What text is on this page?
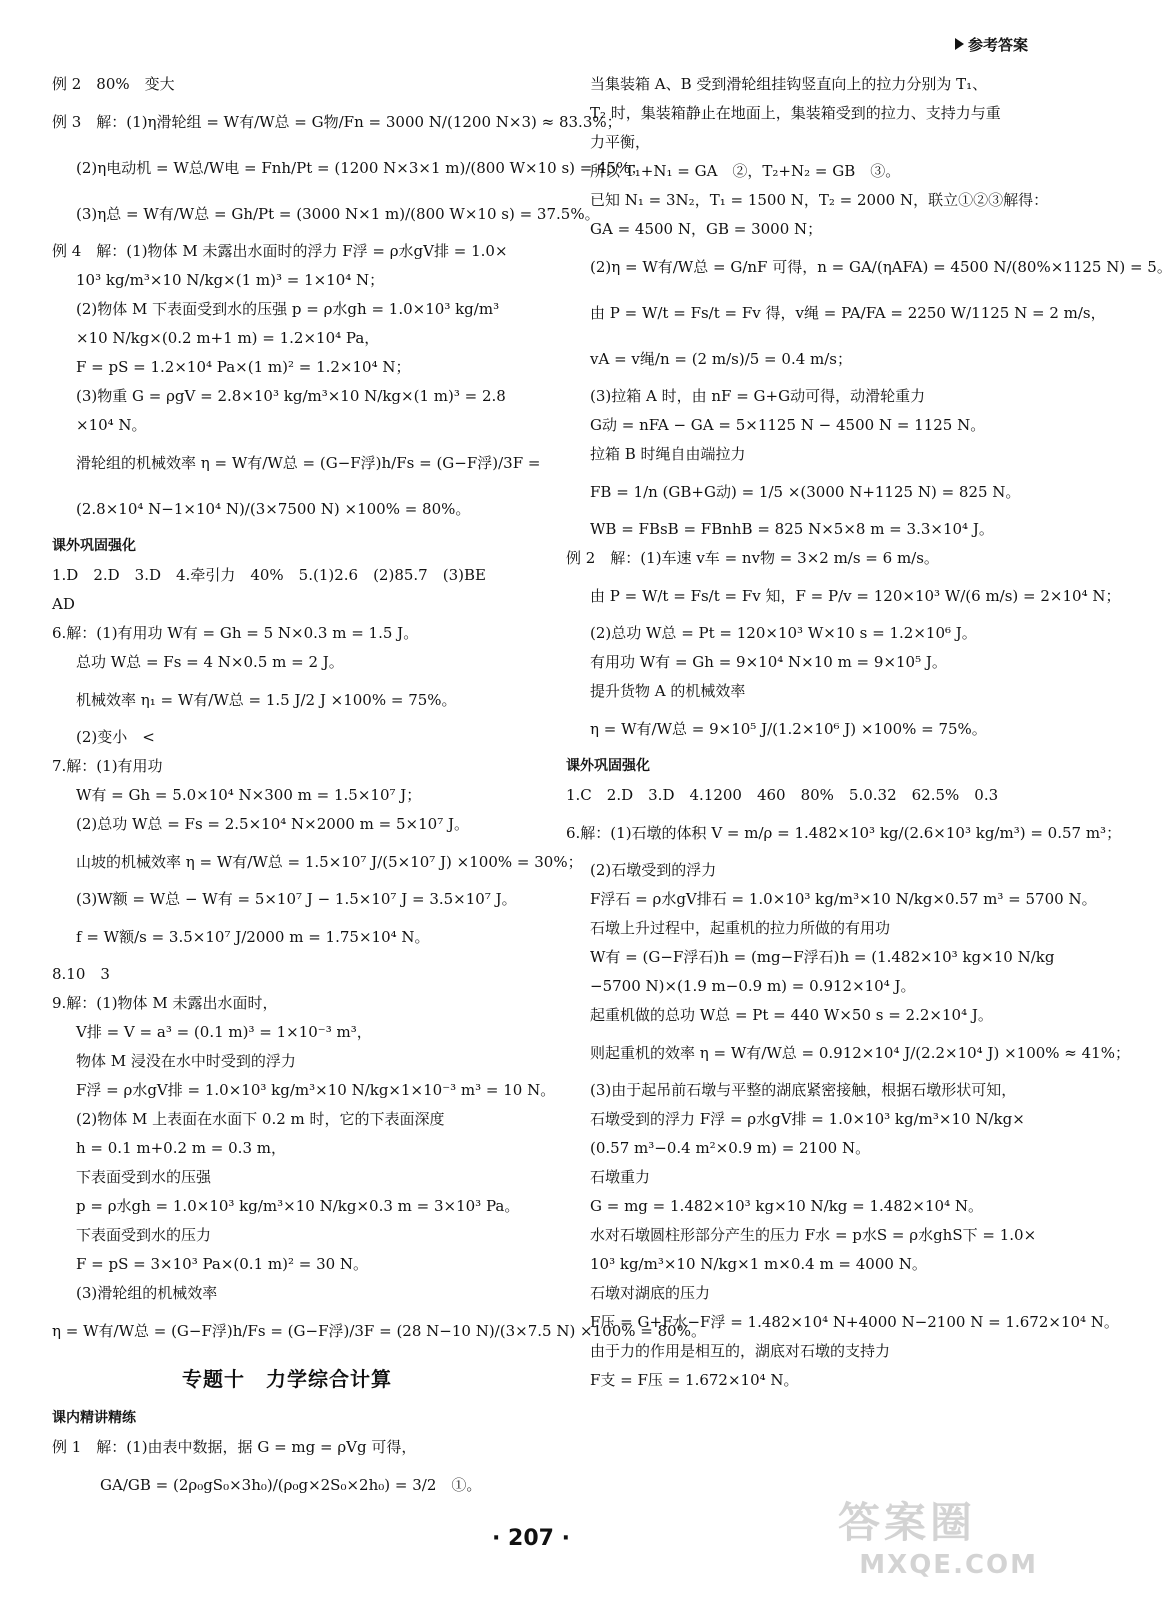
参考答案
例 2　80%　变大
例 3　解：(1)η滑轮组 = W有/W总 = G物/Fn = 3000 N/(1200 N×3) ≈ 83.3%；
(2)η电动机 = W总/W电 = Fnh/Pt = (1200 N×3×1 m)/(800 W×10 s) = 45%；
(3)η总 = W有/W总 = Gh/Pt = (3000 N×1 m)/(800 W×10 s) = 37.5%。
例 4　解：(1)物体 M 未露出水面时的浮力 F浮 = ρ水gV排 = 1.0×
10³ kg/m³×10 N/kg×(1 m)³ = 1×10⁴ N；
(2)物体 M 下表面受到水的压强 p = ρ水gh = 1.0×10³ kg/m³
×10 N/kg×(0.2 m+1 m) = 1.2×10⁴ Pa，
F = pS = 1.2×10⁴ Pa×(1 m)² = 1.2×10⁴ N；
(3)物重 G = ρgV = 2.8×10³ kg/m³×10 N/kg×(1 m)³ = 2.8
×10⁴ N。
滑轮组的机械效率 η = W有/W总 = (G−F浮)h/Fs = (G−F浮)/3F =
(2.8×10⁴ N−1×10⁴ N)/(3×7500 N) ×100% = 80%。
课外巩固强化
1.D　2.D　3.D　4.牵引力　40%　5.(1)2.6　(2)85.7　(3)BE
AD
6.解：(1)有用功 W有 = Gh = 5 N×0.3 m = 1.5 J。
总功 W总 = Fs = 4 N×0.5 m = 2 J。
机械效率 η₁ = W有/W总 = 1.5 J/2 J ×100% = 75%。
(2)变小　<
7.解：(1)有用功
W有 = Gh = 5.0×10⁴ N×300 m = 1.5×10⁷ J；
(2)总功 W总 = Fs = 2.5×10⁴ N×2000 m = 5×10⁷ J。
山坡的机械效率 η = W有/W总 = 1.5×10⁷ J/(5×10⁷ J) ×100% = 30%；
(3)W额 = W总 − W有 = 5×10⁷ J − 1.5×10⁷ J = 3.5×10⁷ J。
f = W额/s = 3.5×10⁷ J/2000 m = 1.75×10⁴ N。
8.10　3
9.解：(1)物体 M 未露出水面时，
V排 = V = a³ = (0.1 m)³ = 1×10⁻³ m³，
物体 M 浸没在水中时受到的浮力
F浮 = ρ水gV排 = 1.0×10³ kg/m³×10 N/kg×1×10⁻³ m³ = 10 N。
(2)物体 M 上表面在水面下 0.2 m 时，它的下表面深度
h = 0.1 m+0.2 m = 0.3 m，
下表面受到水的压强
p = ρ水gh = 1.0×10³ kg/m³×10 N/kg×0.3 m = 3×10³ Pa。
下表面受到水的压力
F = pS = 3×10³ Pa×(0.1 m)² = 30 N。
(3)滑轮组的机械效率
η = W有/W总 = (G−F浮)h/Fs = (G−F浮)/3F = (28 N−10 N)/(3×7.5 N) ×100% = 80%。
专题十　力学综合计算
课内精讲精练
例 1　解：(1)由表中数据，据 G = mg = ρVg 可得，
GA/GB = (2ρ₀gS₀×3h₀)/(ρ₀g×2S₀×2h₀) = 3/2　①。
当集装箱 A、B 受到滑轮组挂钩竖直向上的拉力分别为 T₁、
T₂ 时，集装箱静止在地面上，集装箱受到的拉力、支持力与重
力平衡，
所以 T₁+N₁ = GA　②，T₂+N₂ = GB　③。
已知 N₁ = 3N₂，T₁ = 1500 N，T₂ = 2000 N，联立①②③解得：
GA = 4500 N，GB = 3000 N；
(2)η = W有/W总 = G/nF 可得，n = GA/(ηAFA) = 4500 N/(80%×1125 N) = 5。
由 P = W/t = Fs/t = Fv 得，v绳 = PA/FA = 2250 W/1125 N = 2 m/s，
vA = v绳/n = (2 m/s)/5 = 0.4 m/s；
(3)拉箱 A 时，由 nF = G+G动可得，动滑轮重力
G动 = nFA − GA = 5×1125 N − 4500 N = 1125 N。
拉箱 B 时绳自由端拉力
FB = 1/n (GB+G动) = 1/5 ×(3000 N+1125 N) = 825 N。
WB = FBsB = FBnhB = 825 N×5×8 m = 3.3×10⁴ J。
例 2　解：(1)车速 v车 = nv物 = 3×2 m/s = 6 m/s。
由 P = W/t = Fs/t = Fv 知，F = P/v = 120×10³ W/(6 m/s) = 2×10⁴ N；
(2)总功 W总 = Pt = 120×10³ W×10 s = 1.2×10⁶ J。
有用功 W有 = Gh = 9×10⁴ N×10 m = 9×10⁵ J。
提升货物 A 的机械效率
η = W有/W总 = 9×10⁵ J/(1.2×10⁶ J) ×100% = 75%。
课外巩固强化
1.C　2.D　3.D　4.1200　460　80%　5.0.32　62.5%　0.3
6.解：(1)石墩的体积 V = m/ρ = 1.482×10³ kg/(2.6×10³ kg/m³) = 0.57 m³；
(2)石墩受到的浮力
F浮石 = ρ水gV排石 = 1.0×10³ kg/m³×10 N/kg×0.57 m³ = 5700 N。
石墩上升过程中，起重机的拉力所做的有用功
W有 = (G−F浮石)h = (mg−F浮石)h = (1.482×10³ kg×10 N/kg
−5700 N)×(1.9 m−0.9 m) = 0.912×10⁴ J。
起重机做的总功 W总 = Pt = 440 W×50 s = 2.2×10⁴ J。
则起重机的效率 η = W有/W总 = 0.912×10⁴ J/(2.2×10⁴ J) ×100% ≈ 41%；
(3)由于起吊前石墩与平整的湖底紧密接触，根据石墩形状可知，
石墩受到的浮力 F浮 = ρ水gV排 = 1.0×10³ kg/m³×10 N/kg×
(0.57 m³−0.4 m²×0.9 m) = 2100 N。
石墩重力
G = mg = 1.482×10³ kg×10 N/kg = 1.482×10⁴ N。
水对石墩圆柱形部分产生的压力 F水 = p水S = ρ水ghS下 = 1.0×
10³ kg/m³×10 N/kg×1 m×0.4 m = 4000 N。
石墩对湖底的压力
F压 = G+F水−F浮 = 1.482×10⁴ N+4000 N−2100 N = 1.672×10⁴ N。
由于力的作用是相互的，湖底对石墩的支持力
F支 = F压 = 1.672×10⁴ N。
· 207 ·	答案圈
MXQE.COM
